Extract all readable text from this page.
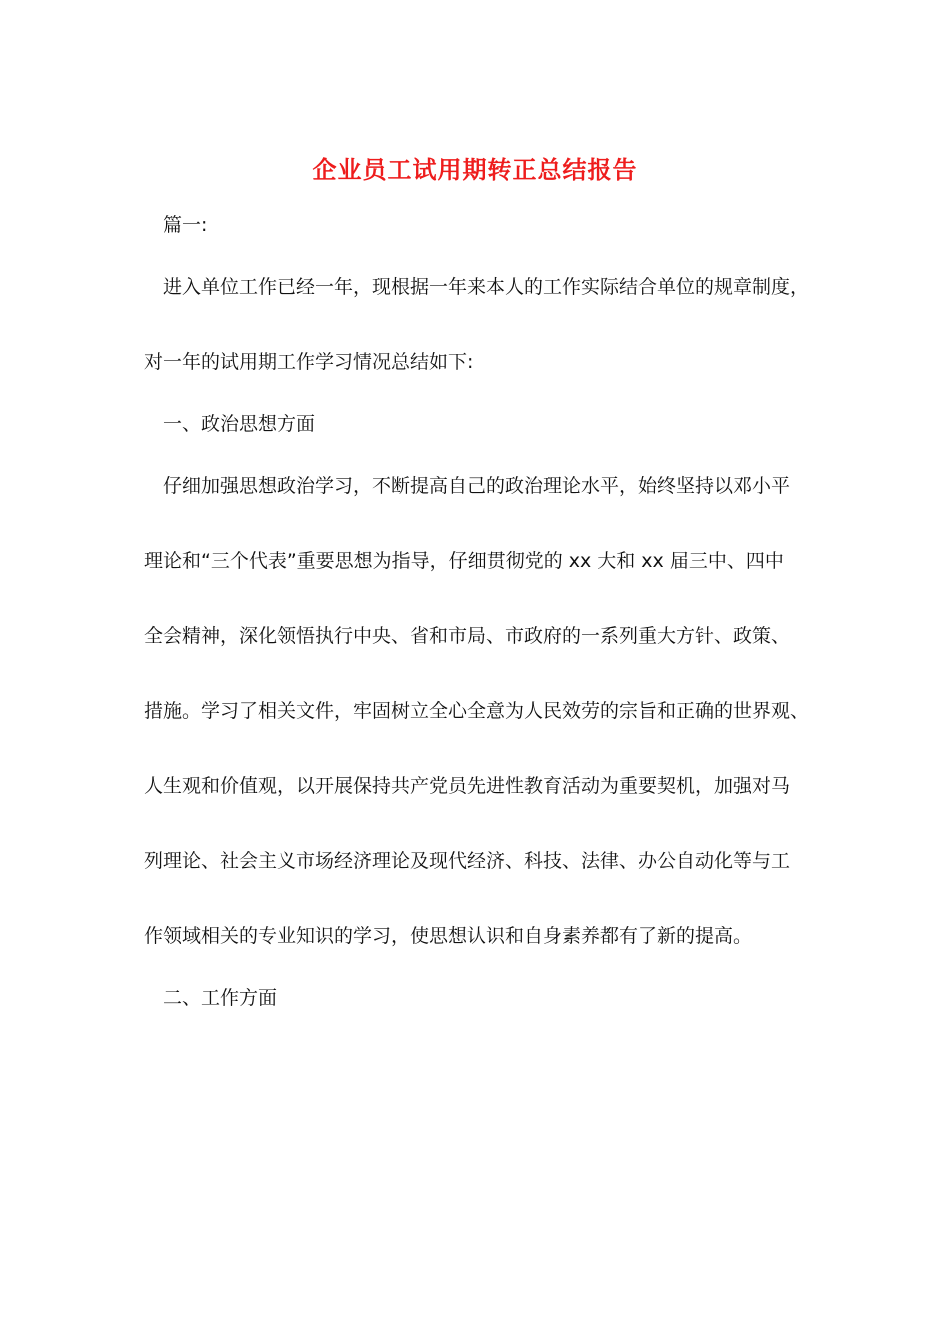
企业员工试用期转正总结报告
篇一:
进入单位工作已经一年，现根据一年来本人的工作实际结合单位的规章制度，
对一年的试用期工作学习情况总结如下:
一、政治思想方面
仔细加强思想政治学习，不断提高自己的政治理论水平，始终坚持以邓小平
理论和“三个代表”重要思想为指导，仔细贯彻党的 xx 大和 xx 届三中、四中
全会精神，深化领悟执行中央、省和市局、市政府的一系列重大方针、政策、
措施。学习了相关文件，牢固树立全心全意为人民效劳的宗旨和正确的世界观、
人生观和价值观，以开展保持共产党员先进性教育活动为重要契机，加强对马
列理论、社会主义市场经济理论及现代经济、科技、法律、办公自动化等与工
作领域相关的专业知识的学习，使思想认识和自身素养都有了新的提高。
二、工作方面
